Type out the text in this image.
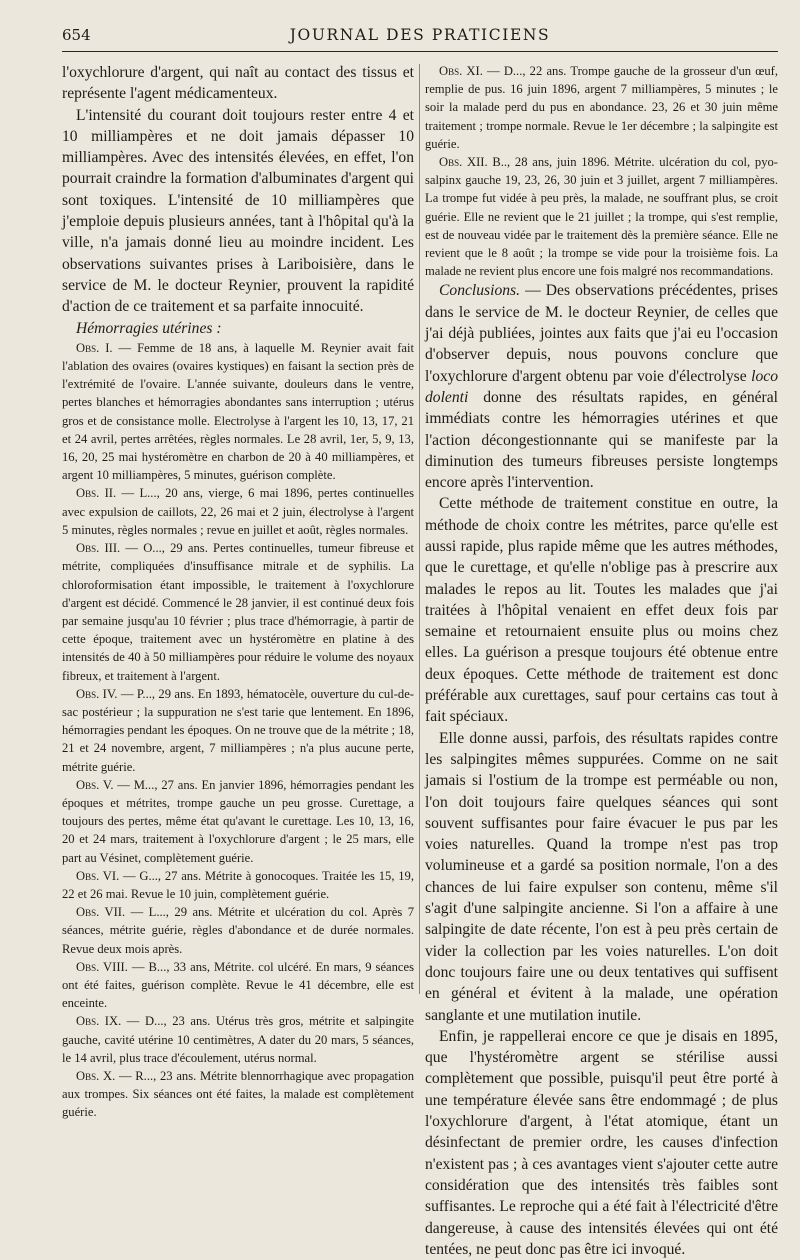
654	JOURNAL DES PRATICIENS

l'oxychlorure d'argent, qui naît au contact des tissus et représente l'agent médicamenteux.

L'intensité du courant doit toujours rester entre 4 et 10 milliampères et ne doit jamais dépasser 10 milliampères. Avec des intensités élevées, en effet, l'on pourrait craindre la formation d'albuminates d'argent qui sont toxiques. L'intensité de 10 milliampères que j'emploie depuis plusieurs années, tant à l'hôpital qu'à la ville, n'a jamais donné lieu au moindre incident. Les observations suivantes prises à Lariboisière, dans le service de M. le docteur Reynier, prouvent la rapidité d'action de ce traitement et sa parfaite innocuité.

Hémorragies utérines :

Obs. I. — Femme de 18 ans, à laquelle M. Reynier avait fait l'ablation des ovaires (ovaires kystiques) en faisant la section près de l'extrémité de l'ovaire. L'année suivante, douleurs dans le ventre, pertes blanches et hémorragies abondantes sans interruption ; utérus gros et de consistance molle. Electrolyse à l'argent les 10, 13, 17, 21 et 24 avril, pertes arrêtées, règles normales. Le 28 avril, 1er, 5, 9, 13, 16, 20, 25 mai hystéromètre en charbon de 20 à 40 milliampères, et argent 10 milliampères, 5 minutes, guérison complète.

Obs. II. — L..., 20 ans, vierge, 6 mai 1896, pertes continuelles avec expulsion de caillots, 22, 26 mai et 2 juin, électrolyse à l'argent 5 minutes, règles normales ; revue en juillet et août, règles normales.

Obs. III. — O..., 29 ans. Pertes continuelles, tumeur fibreuse et métrite, compliquées d'insuffisance mitrale et de syphilis. La chloroformisation étant impossible, le traitement à l'oxychlorure d'argent est décidé. Commencé le 28 janvier, il est continué deux fois par semaine jusqu'au 10 février ; plus trace d'hémorragie, à partir de cette époque, traitement avec un hystéromètre en platine à des intensités de 40 à 50 milliampères pour réduire le volume des noyaux fibreux, et traitement à l'argent.

Obs. IV. — P..., 29 ans. En 1893, hématocèle, ouverture du cul-de-sac postérieur ; la suppuration ne s'est tarie que lentement. En 1896, hémorragies pendant les époques. On ne trouve que de la métrite ; 18, 21 et 24 novembre, argent, 7 milliampères ; n'a plus aucune perte, métrite guérie.

Obs. V. — M..., 27 ans. En janvier 1896, hémorragies pendant les époques et métrites, trompe gauche un peu grosse. Curettage, a toujours des pertes, même état qu'avant le curettage. Les 10, 13, 16, 20 et 24 mars, traitement à l'oxychlorure d'argent ; le 25 mars, elle part au Vésinet, complètement guérie.

Obs. VI. — G..., 27 ans. Métrite à gonocoques. Traitée les 15, 19, 22 et 26 mai. Revue le 10 juin, complètement guérie.

Obs. VII. — L..., 29 ans. Métrite et ulcération du col. Après 7 séances, métrite guérie, règles d'abondance et de durée normales. Revue deux mois après.

Obs. VIII. — B..., 33 ans, Métrite. col ulcéré. En mars, 9 séances ont été faites, guérison complète. Revue le 41 décembre, elle est enceinte.

Obs. IX. — D..., 23 ans. Utérus très gros, métrite et salpingite gauche, cavité utérine 10 centimètres, A dater du 20 mars, 5 séances, le 14 avril, plus trace d'écoulement, utérus normal.

Obs. X. — R..., 23 ans. Métrite blennorrhagique avec propagation aux trompes. Six séances ont été faites, la malade est complètement guérie.

Obs. XI. — D..., 22 ans. Trompe gauche de la grosseur d'un œuf, remplie de pus. 16 juin 1896, argent 7 milliampères, 5 minutes ; le soir la malade perd du pus en abondance. 23, 26 et 30 juin même traitement ; trompe normale. Revue le 1er décembre ; la salpingite est guérie.

Obs. XII. B.., 28 ans, juin 1896. Métrite. ulcération du col, pyo-salpinx gauche 19, 23, 26, 30 juin et 3 juillet, argent 7 milliampères. La trompe fut vidée à peu près, la malade, ne souffrant plus, se croit guérie. Elle ne revient que le 21 juillet ; la trompe, qui s'est remplie, est de nouveau vidée par le traitement dès la première séance. Elle ne revient que le 8 août ; la trompe se vide pour la troisième fois. La malade ne revient plus encore une fois malgré nos recommandations.

Conclusions. — Des observations précédentes, prises dans le service de M. le docteur Reynier, de celles que j'ai déjà publiées, jointes aux faits que j'ai eu l'occasion d'observer depuis, nous pouvons conclure que l'oxychlorure d'argent obtenu par voie d'électrolyse loco dolenti donne des résultats rapides, en général immédiats contre les hémorragies utérines et que l'action décongestionnante qui se manifeste par la diminution des tumeurs fibreuses persiste longtemps encore après l'intervention.

Cette méthode de traitement constitue en outre, la méthode de choix contre les métrites, parce qu'elle est aussi rapide, plus rapide même que les autres méthodes, que le curettage, et qu'elle n'oblige pas à prescrire aux malades le repos au lit. Toutes les malades que j'ai traitées à l'hôpital venaient en effet deux fois par semaine et retournaient ensuite plus ou moins chez elles. La guérison a presque toujours été obtenue entre deux époques. Cette méthode de traitement est donc préférable aux curettages, sauf pour certains cas tout à fait spéciaux.

Elle donne aussi, parfois, des résultats rapides contre les salpingites mêmes suppurées. Comme on ne sait jamais si l'ostium de la trompe est perméable ou non, l'on doit toujours faire quelques séances qui sont souvent suffisantes pour faire évacuer le pus par les voies naturelles. Quand la trompe n'est pas trop volumineuse et a gardé sa position normale, l'on a des chances de lui faire expulser son contenu, même s'il s'agit d'une salpingite ancienne. Si l'on a affaire à une salpingite de date récente, l'on est à peu près certain de vider la collection par les voies naturelles. L'on doit donc toujours faire une ou deux tentatives qui suffisent en général et évitent à la malade, une opération sanglante et une mutilation inutile.

Enfin, je rappellerai encore ce que je disais en 1895, que l'hystéromètre argent se stérilise aussi complètement que possible, puisqu'il peut être porté à une température élevée sans être endommagé ; de plus l'oxychlorure d'argent, à l'état atomique, étant un désinfectant de premier ordre, les causes d'infection n'existent pas ; à ces avantages vient s'ajouter cette autre considération que des intensités très faibles sont suffisantes. Le reproche qui a été fait à l'électricité d'être dangereuse, à cause des intensités élevées qui ont été tentées, ne peut donc pas être ici invoqué.
